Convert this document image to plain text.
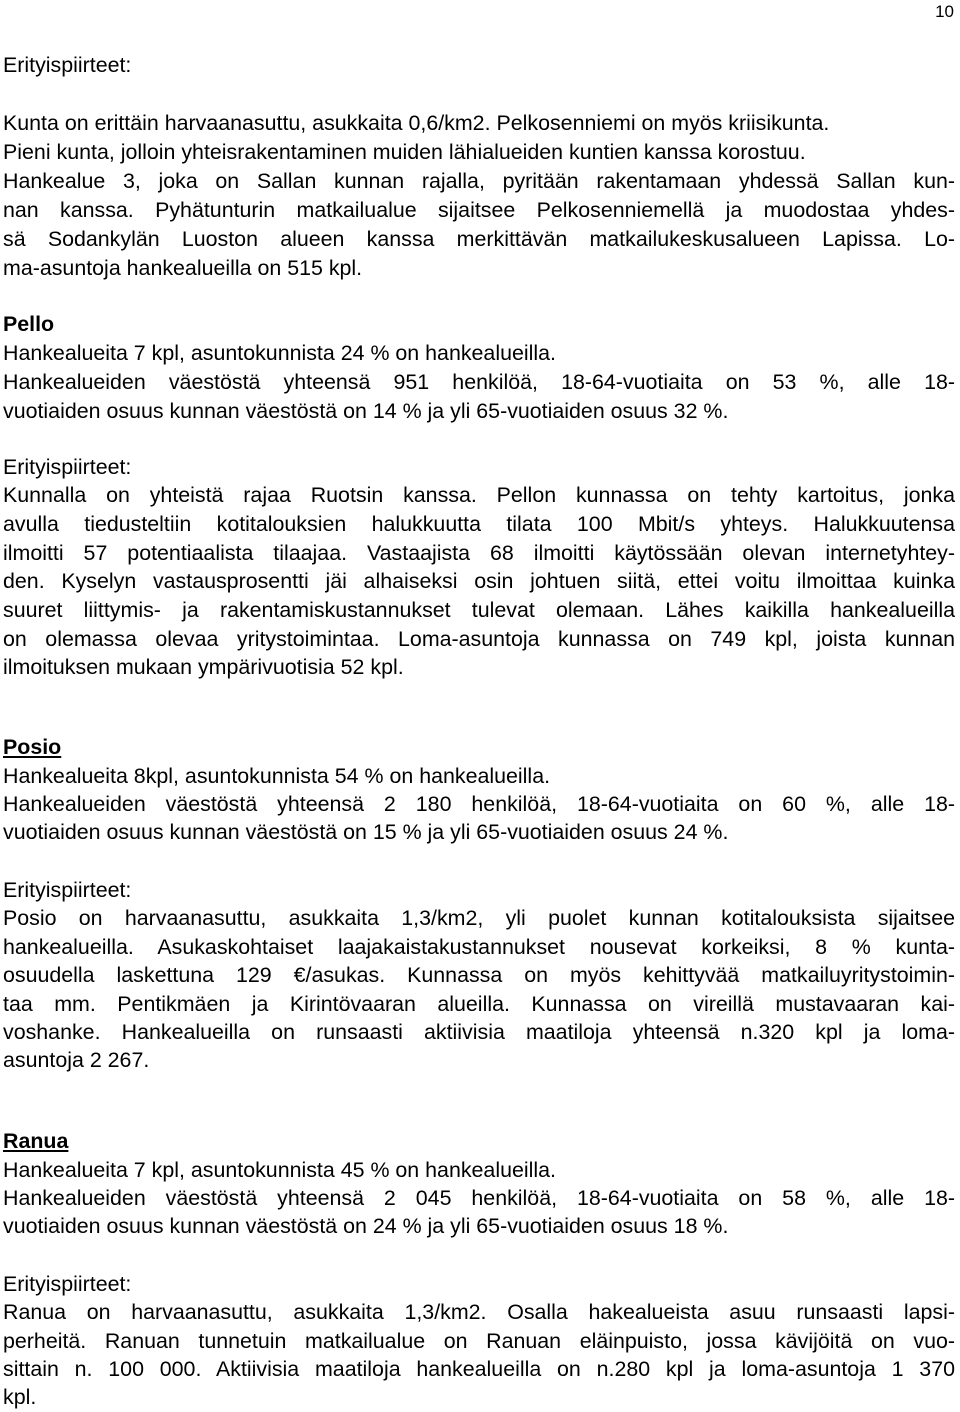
10
Erityispiirteet:
Kunta on erittäin harvaanasuttu, asukkaita 0,6/km2. Pelkosenniemi on myös kriisikunta.
Pieni kunta, jolloin yhteisrakentaminen muiden lähialueiden kuntien kanssa korostuu.
Hankealue 3, joka on Sallan kunnan rajalla, pyritään rakentamaan yhdessä Sallan kun-
nan kanssa. Pyhätunturin matkailualue sijaitsee Pelkosenniemellä ja muodostaa yhdes-
sä Sodankylän Luoston alueen kanssa merkittävän matkailukeskusalueen Lapissa. Lo-
ma-asuntoja hankealueilla on 515 kpl.
Pello
Hankealueita 7 kpl, asuntokunnista 24 % on hankealueilla.
Hankealueiden väestöstä yhteensä 951 henkilöä, 18-64-vuotiaita on 53 %, alle 18-
vuotiaiden osuus kunnan väestöstä on 14 % ja yli 65-vuotiaiden osuus 32 %.
Erityispiirteet:
Kunnalla on yhteistä rajaa Ruotsin kanssa. Pellon kunnassa on tehty kartoitus, jonka
avulla tiedusteltiin kotitalouksien halukkuutta tilata 100 Mbit/s yhteys. Halukkuutensa
ilmoitti 57 potentiaalista tilaajaa. Vastaajista 68 ilmoitti käytössään olevan internetyhtey-
den. Kyselyn vastausprosentti jäi alhaiseksi osin johtuen siitä, ettei voitu ilmoittaa kuinka
suuret liittymis- ja rakentamiskustannukset tulevat olemaan. Lähes kaikilla hankealueilla
on olemassa olevaa yritystoimintaa. Loma-asuntoja kunnassa on 749 kpl, joista kunnan
ilmoituksen mukaan ympärivuotisia 52 kpl.
Posio
Hankealueita 8kpl, asuntokunnista 54 % on hankealueilla.
Hankealueiden väestöstä yhteensä 2 180 henkilöä, 18-64-vuotiaita on 60 %, alle 18-
vuotiaiden osuus kunnan väestöstä on 15 % ja yli 65-vuotiaiden osuus 24 %.
Erityispiirteet:
Posio on harvaanasuttu, asukkaita 1,3/km2, yli puolet kunnan kotitalouksista sijaitsee
hankealueilla. Asukaskohtaiset laajakaistakustannukset nousevat korkeiksi, 8 % kunta-
osuudella laskettuna 129 €/asukas. Kunnassa on myös kehittyvää matkailuyritystoimin-
taa mm. Pentikmäen ja Kirintövaaran alueilla. Kunnassa on vireillä mustavaaran kai-
voshanke. Hankealueilla on runsaasti aktiivisia maatiloja yhteensä n.320 kpl ja loma-
asuntoja 2 267.
Ranua
Hankealueita 7 kpl, asuntokunnista 45 % on hankealueilla.
Hankealueiden väestöstä yhteensä 2 045 henkilöä, 18-64-vuotiaita on 58 %, alle 18-
vuotiaiden osuus kunnan väestöstä on 24 % ja yli 65-vuotiaiden osuus 18 %.
Erityispiirteet:
Ranua on harvaanasuttu, asukkaita 1,3/km2. Osalla hakealueista asuu runsaasti lapsi-
perheitä. Ranuan tunnetuin matkailualue on Ranuan eläinpuisto, jossa kävijöitä on vuo-
sittain n. 100 000. Aktiivisia maatiloja hankealueilla on n.280 kpl ja loma-asuntoja 1 370
kpl.
